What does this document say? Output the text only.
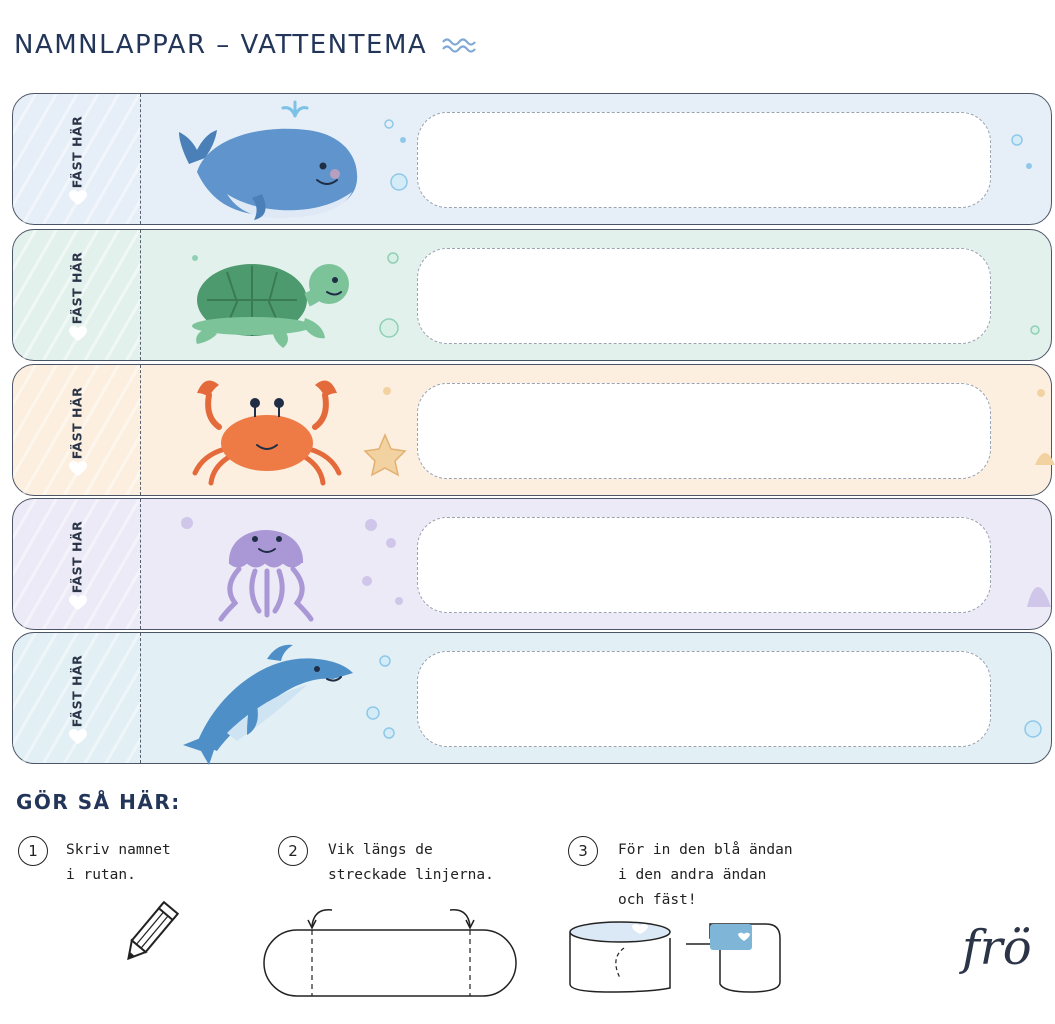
NAMNLAPPAR – VATTENTEMA
FÄST HÄR
FÄST HÄR
FÄST HÄR
FÄST HÄR
FÄST HÄR
GÖR SÅ HÄR:
1	Skriv namnet
i rutan.
2	Vik längs de
streckade linjerna.
3	För in den blå ändan
i den andra ändan
och fäst!
frö
